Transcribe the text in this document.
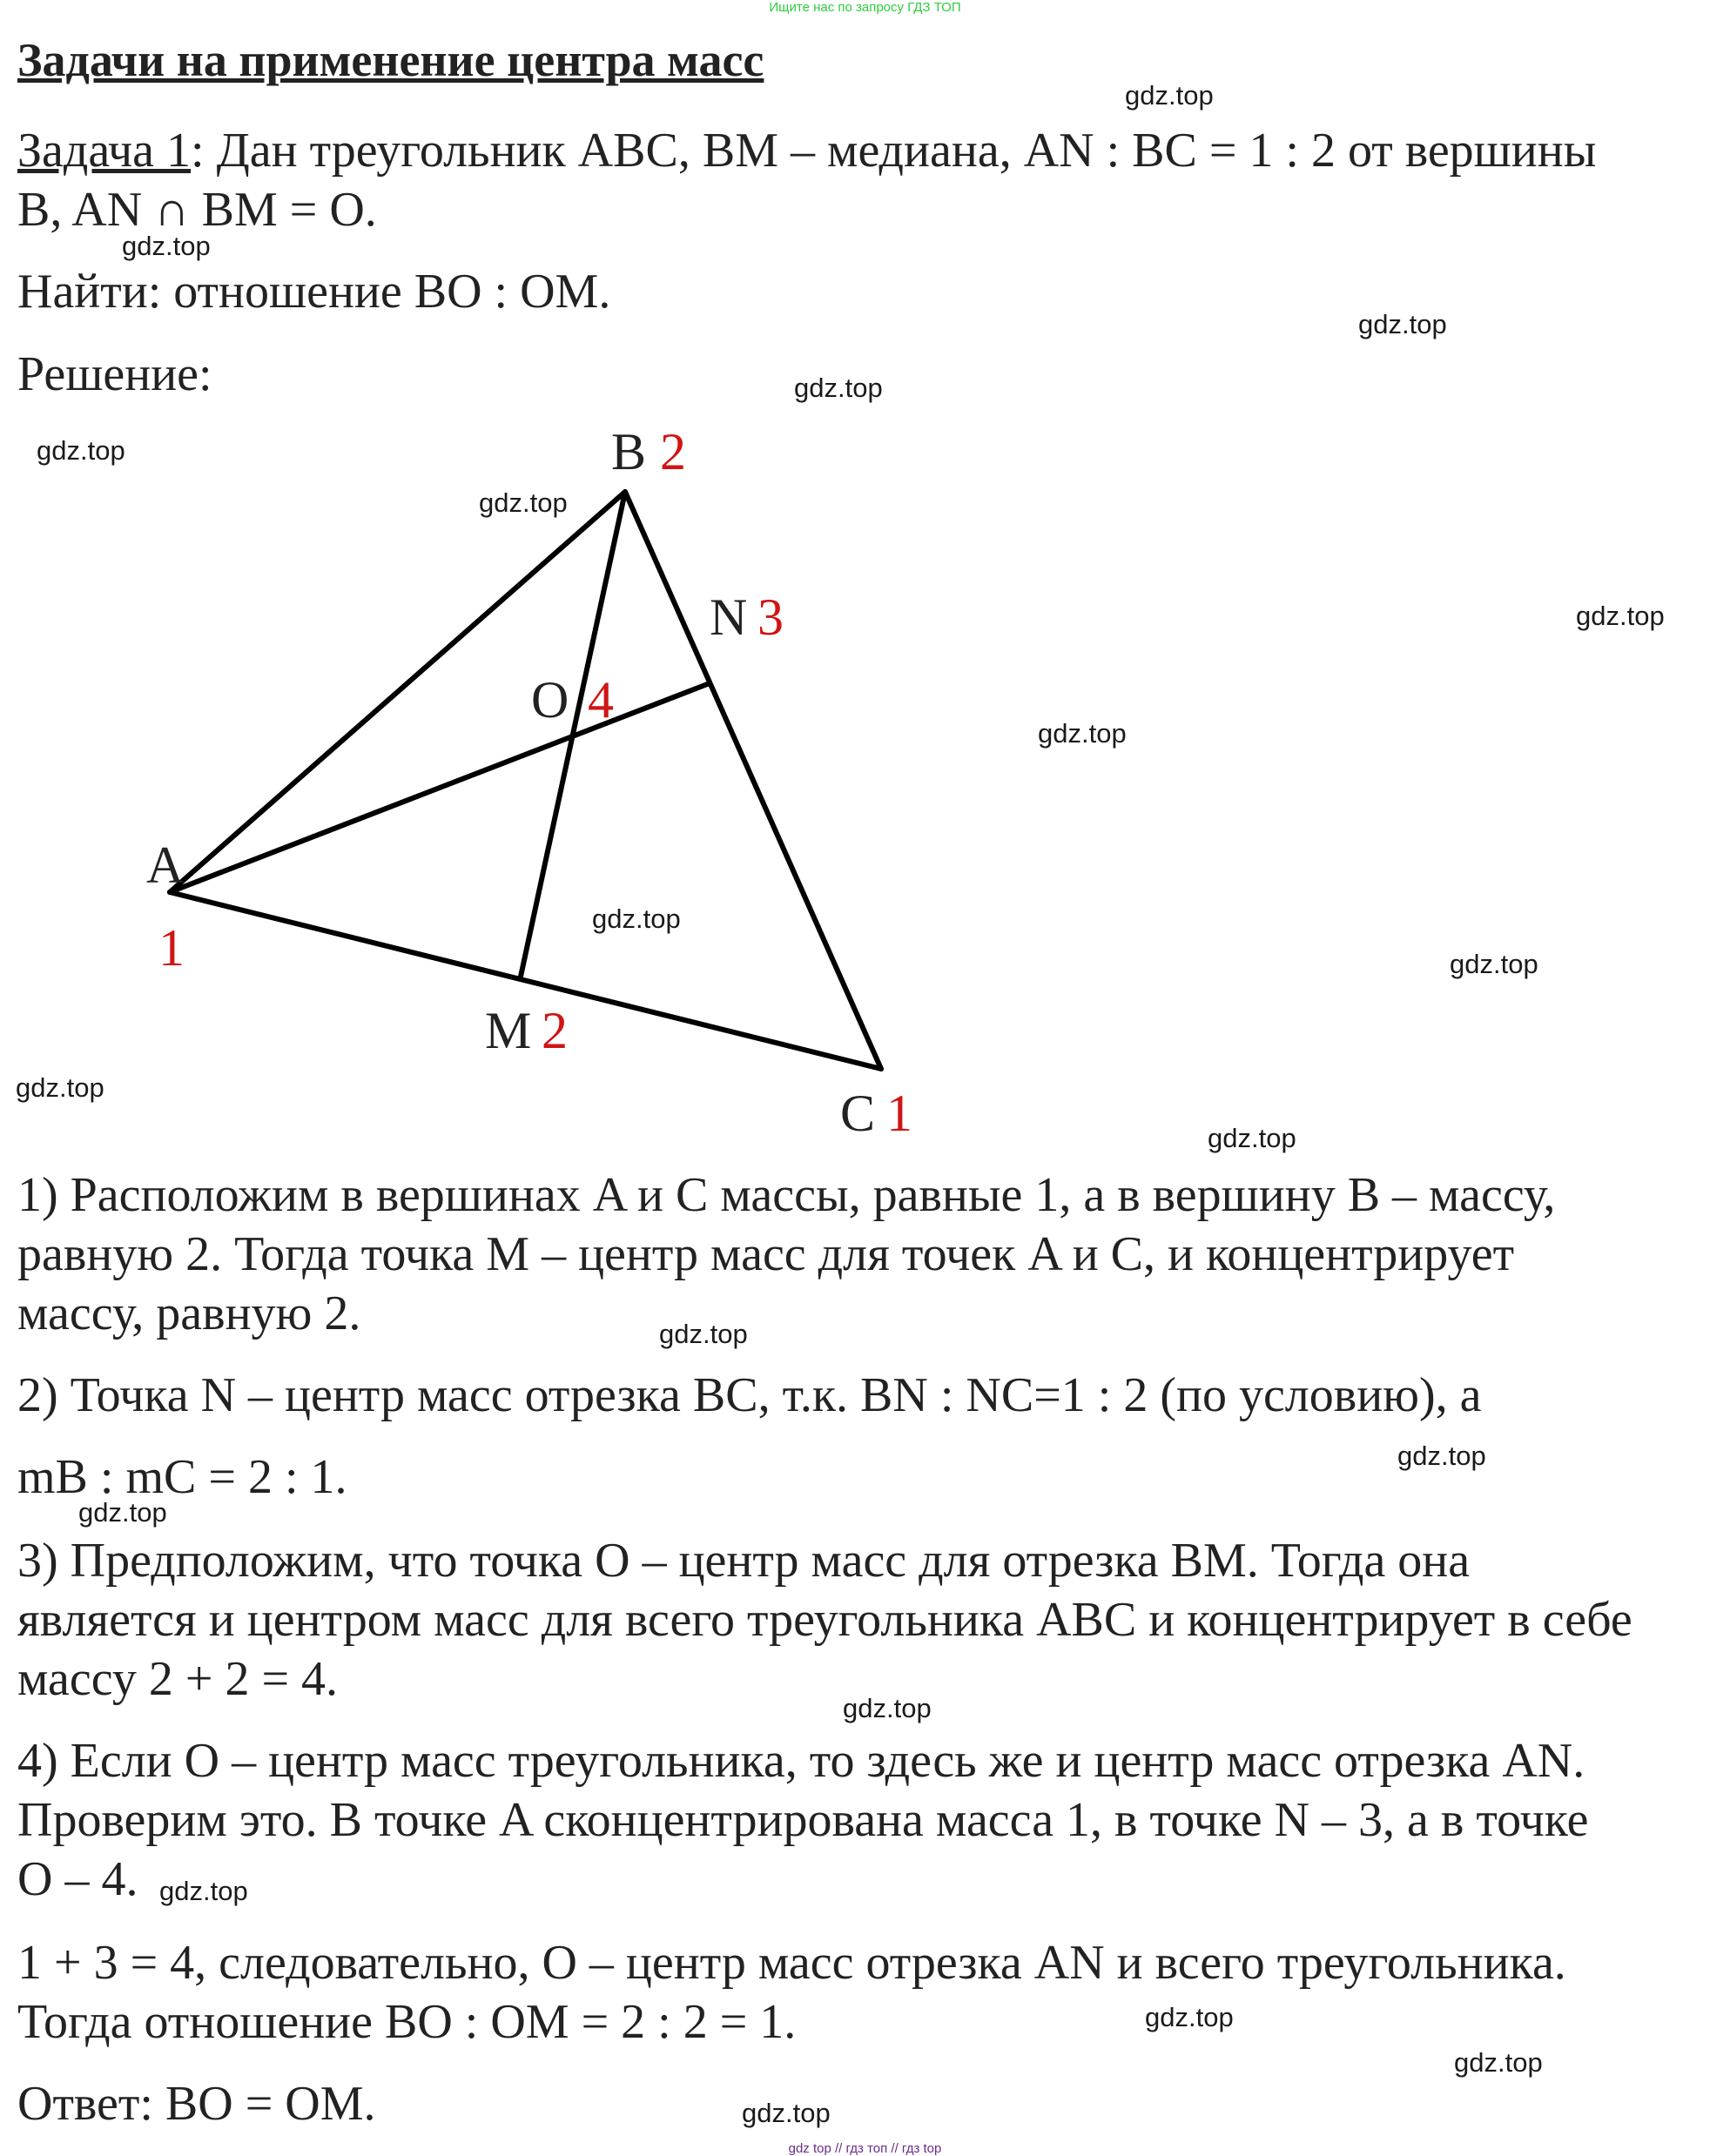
Ищите нас по запросу ГДЗ ТОП
Задачи на применение центра масс
Задача 1: Дан треугольник ABC, BM – медиана, AN : BC = 1 : 2 от вершины
B, AN ∩ BM = O.
Найти: отношение BO : OM.
Решение:
B 2
N 3
O 4
A
1
M 2
C 1
1) Расположим в вершинах A и C массы, равные 1, а в вершину B – массу,
равную 2. Тогда точка M – центр масс для точек A и C, и концентрирует
массу, равную 2.
2) Точка N – центр масс отрезка BC, т.к. BN : NC=1 : 2 (по условию), а
mB : mC = 2 : 1.
3) Предположим, что точка O – центр масс для отрезка BM. Тогда она
является и центром масс для всего треугольника ABC и концентрирует в себе
массу 2 + 2 = 4.
4) Если O – центр масс треугольника, то здесь же и центр масс отрезка AN.
Проверим это. В точке A сконцентрирована масса 1, в точке N – 3, а в точке
O – 4.
1 + 3 = 4, следовательно, O – центр масс отрезка AN и всего треугольника.
Тогда отношение BO : OM = 2 : 2 = 1.
Ответ: BO = OM.
gdz.top
gdz.top
gdz.top
gdz.top
gdz.top
gdz.top
gdz.top
gdz.top
gdz.top
gdz.top
gdz.top
gdz.top
gdz.top
gdz.top
gdz.top
gdz.top
gdz.top
gdz.top
gdz.top
gdz.top
gdz top // гдз топ // гдз top
